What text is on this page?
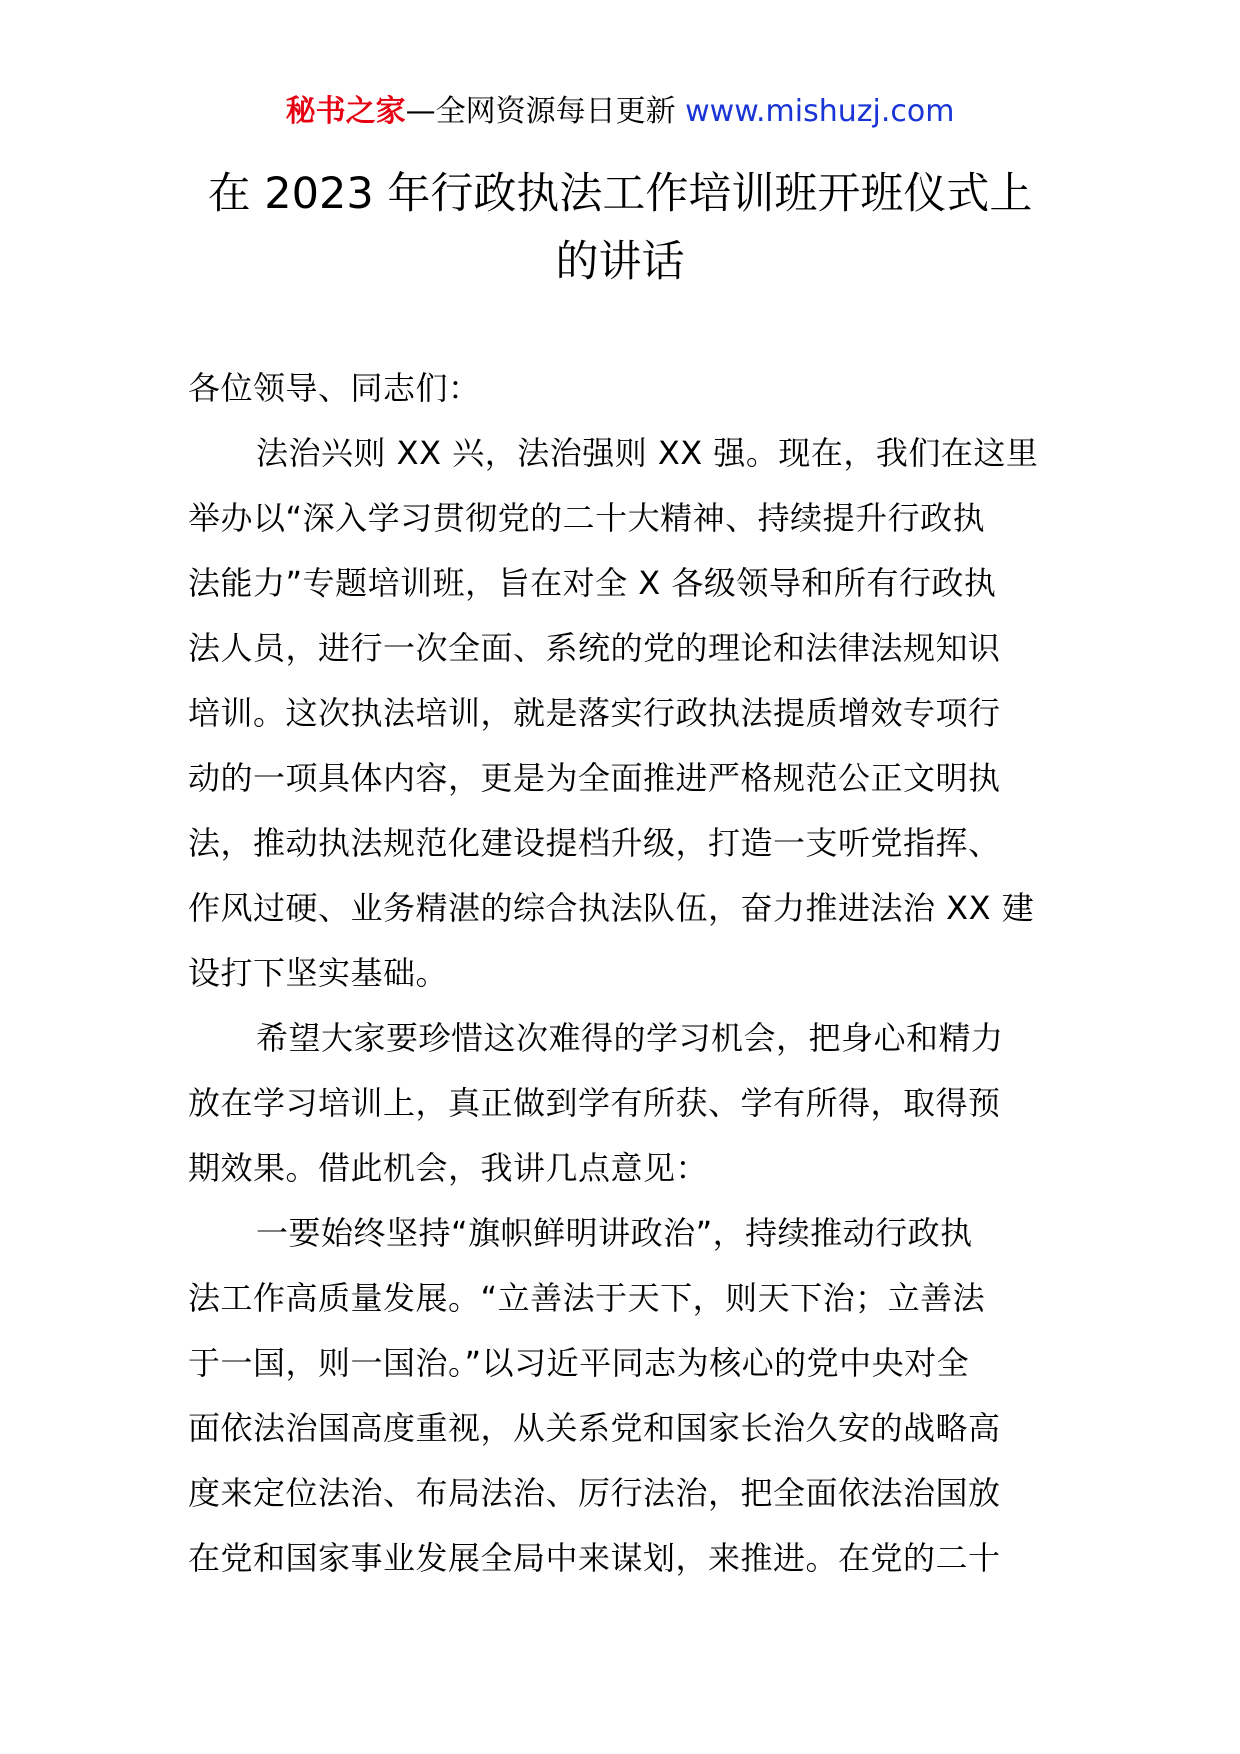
秘书之家—全网资源每日更新 www.mishuzj.com
在 2023 年行政执法工作培训班开班仪式上
的讲话
各位领导、同志们：
法治兴则 XX 兴，法治强则 XX 强。现在，我们在这里
举办以“深入学习贯彻党的二十大精神、持续提升行政执
法能力”专题培训班，旨在对全 X 各级领导和所有行政执
法人员，进行一次全面、系统的党的理论和法律法规知识
培训。这次执法培训，就是落实行政执法提质增效专项行
动的一项具体内容，更是为全面推进严格规范公正文明执
法，推动执法规范化建设提档升级，打造一支听党指挥、
作风过硬、业务精湛的综合执法队伍，奋力推进法治 XX 建
设打下坚实基础。
希望大家要珍惜这次难得的学习机会，把身心和精力
放在学习培训上，真正做到学有所获、学有所得，取得预
期效果。借此机会，我讲几点意见：
一要始终坚持“旗帜鲜明讲政治”，持续推动行政执
法工作高质量发展。“立善法于天下，则天下治；立善法
于一国，则一国治。”以习近平同志为核心的党中央对全
面依法治国高度重视，从关系党和国家长治久安的战略高
度来定位法治、布局法治、厉行法治，把全面依法治国放
在党和国家事业发展全局中来谋划，来推进。在党的二十
